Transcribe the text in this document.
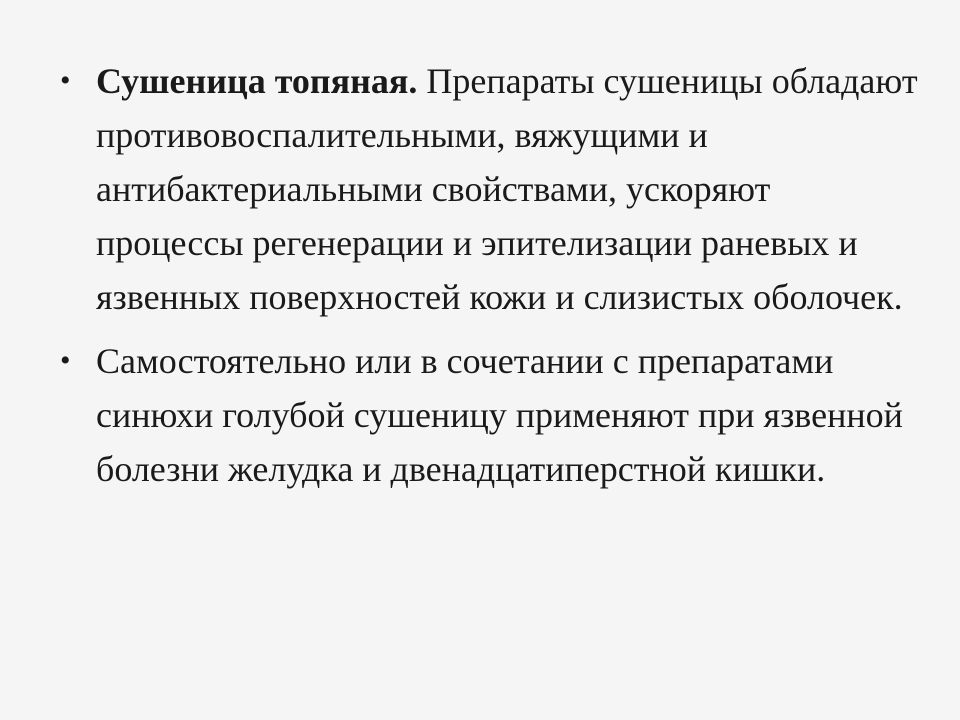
• Сушеница топяная. Препараты сушеницы обладают противовоспалительными, вяжущими и антибактериальными свойствами, ускоряют процессы регенерации и эпителизации раневых и язвенных поверхностей кожи и слизистых оболочек.
• Самостоятельно или в сочетании с препаратами синюхи голубой сушеницу применяют при язвенной болезни желудка и двенадцатиперстной кишки.
